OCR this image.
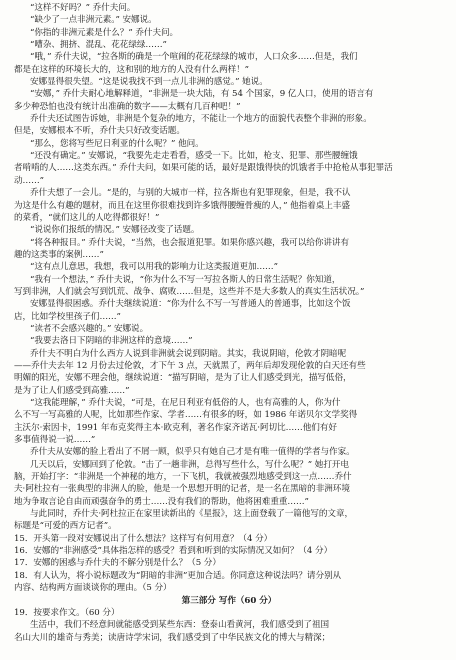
“这样不好吗？” 乔什夫问。
“缺少了一点非洲元素。” 安娜说。
“你指的非洲元素是什么？” 乔什夫问。
“嘈杂、拥挤、混乱、花花绿绿……”
“哦，” 乔什夫说，“拉各斯的确是一个喧闹的花花绿绿的城市，人口众多……但是，我们
都是在这样的环境长大的，这和别的地方的人没有什么两样！”
安娜显得很失望。“这是说我找不到一点儿非洲的感觉。” 她说。
“安娜，” 乔什夫耐心地解释道，“非洲是一块大陆，有 54 个国家，9 亿人口，使用的语言有
多少种恐怕也没有统计出准确的数字——太概有几百种吧！”
乔什夫还试图告诉她，非洲是个复杂的地方，不能让一个地方的面貌代表整个非洲的形象。
但是，安娜根本不听，乔什夫只好改变话题。
“那么，您将写些尼日利亚的什么呢？” 他问。
“还没有确定。” 安娜说，“我要先走走看看，感受一下。比如，枪支、犯罪、那些腰缠饿
者啃啃的人……这类东西。” 乔什夫问，如果可能的话，最好是跟饿得快的饥饿者手中抢枪从事犯罪活
动……”
乔什夫想了一会儿。“是的，与别的大城市一样，拉各斯也有犯罪现象，但是，我不认
为这是什么有趣的题材，而且在这里你很难找到许多饿得腰缠骨痩的人，” 他指着桌上丰盛
的菜肴，“就们这儿的人吃得都很好！”
“说说你们报纸的情况。” 安娜径改变了话题。
“将各种报目。” 乔什夫说，“当然，也会报道犯罪。如果你感兴趣，我可以给你讲讲有
趣的这类事的案例……”
“这有点儿意思，我想，我可以用我的影响力让这类报道更加……”
“我有一个想法，” 乔什夫说，“你为什么不写一写拉各斯人的日常生活呢？你知道，
写到非洲，人们就会写到饥荒、战争、腐败……但是，这些并不是大多数人的真实生活状况。”
安娜显得很困惑。乔什夫继续说道：“你为什么不写一写普通人的普通事，比如这个饭
店，比如学校里孩子们……”
“读者不会感兴趣的。” 安娜说。
“我要去洛日下阴暗的非洲这样的意境……”
乔什夫不明白为什么西方人说到非洲就会说到阴暗。其实，我说阴暗，伦敦才阴暗呢
——乔什夫去年 12 月份去过伦敦，才下午 3 点，天就黑了，两年后却发现伦敦的白天还有些
明媚的阳光，安娜不理会他，继续说道：“描写阴暗，是为了让人们感受到光，描写低俗，
是为了让人们感受到高雅……”
“这我能理解，” 乔什夫说，“可是，在尼日利亚有低俗的人，也有高雅的人，你为什
么不写一写高雅的人呢，比如那些作家、学者……有很多的呀，如 1986 年诺贝尔文学奖得
主沃尔·索因卡，1991 年布克奖得主本·欧克利，著名作家齐诺瓦·阿切比……他们有好
多事值得说一说……”
乔什夫从安娜的脸上看出了不屑一顾，似乎只有她自己才是有唯一值得的学者与作家。
几天以后，安娜回到了伦敦。“击了一趟非洲，总得写些什么，写什么呢？” 她打开电
脑，开始打字：“非洲是一个神秘的地方，一下飞机，我就被强烈地感受到这一点……乔什
夫·阿杜拉有一张典型的非洲人的脸，他是一个思想开明的记者，是一名在黑暗的非洲环境
地为争取言论自由而顽强奋争的勇士……没有我们的帮助，他将困难重重……”
与此同时，乔什夫·阿杜拉正在家里读新出的《星报》，这上面登载了一篇他写的文章，
标题是“可爱的西方记者”。
15．开头第一段对安娜说出了什么想法？这样写有何用意？（4 分）
16．安娜的“非洲感受”具体指怎样的感受？看到和听到的实际情况又如何？（4 分）
17．安娜的困惑与乔什夫的不解分别是什么？（5 分）
18．有人认为，将小说标题改为“阴暗的非洲”更加合适。你同意这种说法吗？请分别从
内容、结构两方面谈谈你的理由。（5 分）
第三部分 写作（60 分）
19．按要求作文。（60 分）
生活中，我们不经意间就能感受到某些东西：登泰山看黄河，我们感受到了祖国
名山大川的雄奇与秀美；读唐诗学宋词，我们感受到了中华民族文化的博大与精深；
